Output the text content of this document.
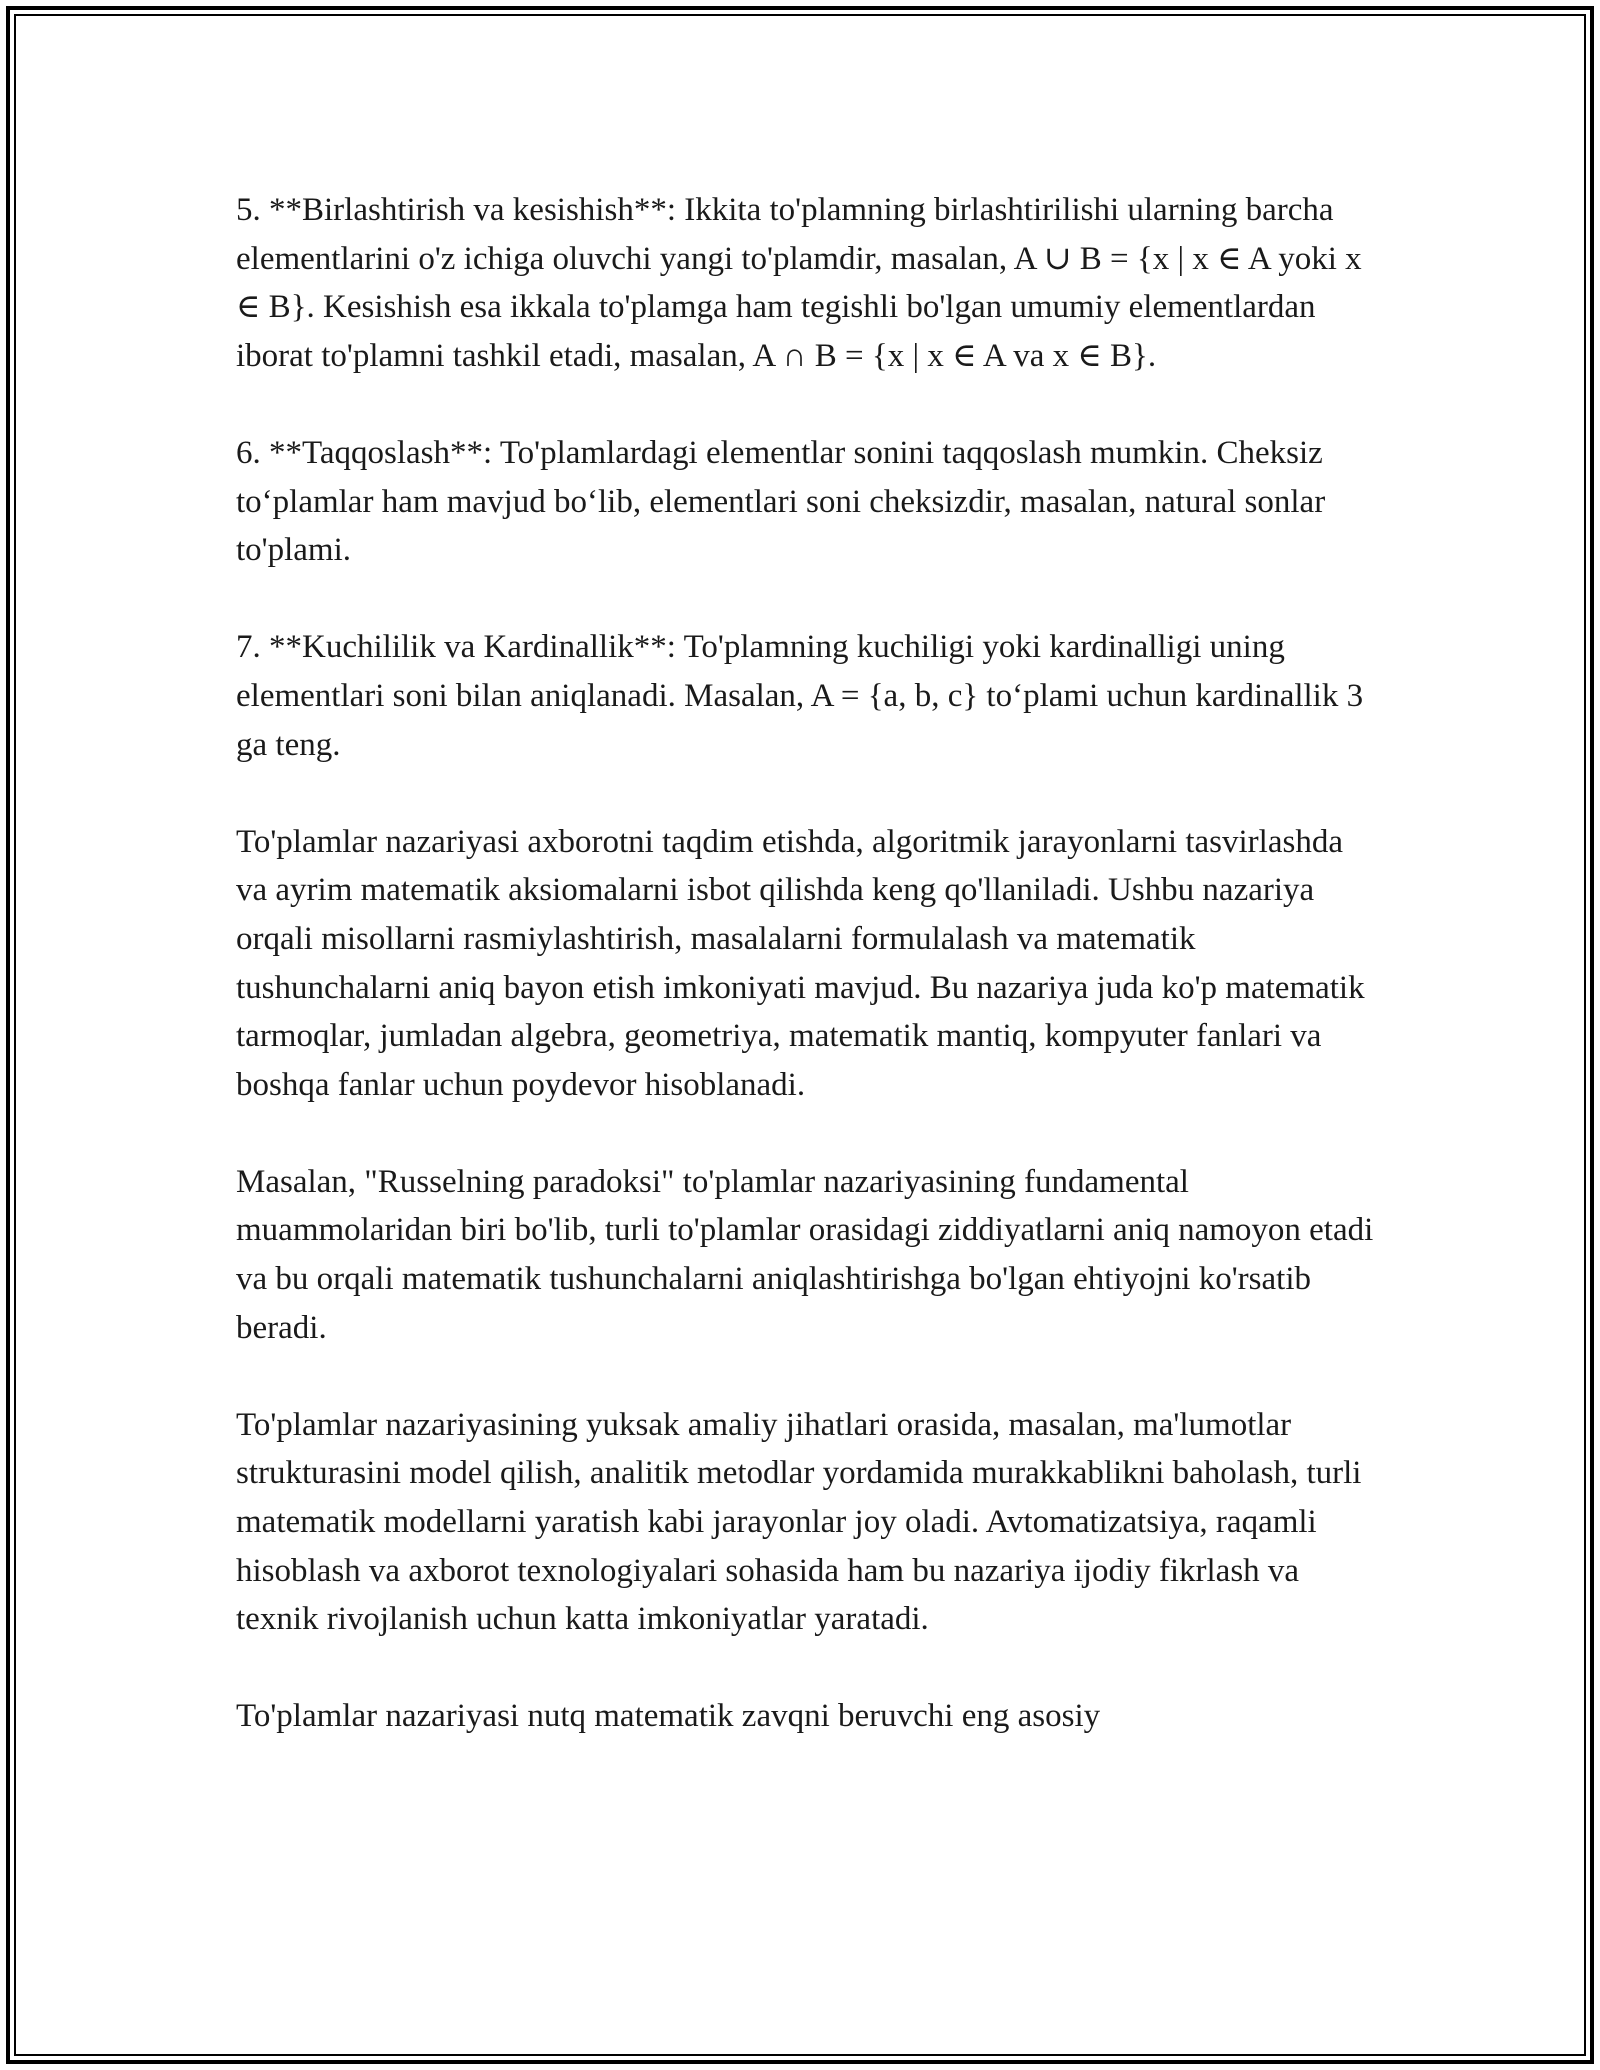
5. **Birlashtirish va kesishish**: Ikkita to'plamning birlashtirilishi ularning barcha elementlarini o'z ichiga oluvchi yangi to'plamdir, masalan, A ∪ B = {x | x ∈ A yoki x ∈ B}. Kesishish esa ikkala to'plamga ham tegishli bo'lgan umumiy elementlardan iborat to'plamni tashkil etadi, masalan, A ∩ B = {x | x ∈ A va x ∈ B}.

6. **Taqqoslash**: To'plamlardagi elementlar sonini taqqoslash mumkin. Cheksiz to‘plamlar ham mavjud bo‘lib, elementlari soni cheksizdir, masalan, natural sonlar to'plami.

7. **Kuchililik va Kardinallik**: To'plamning kuchiligi yoki kardinalligi uning elementlari soni bilan aniqlanadi. Masalan, A = {a, b, c} to‘plami uchun kardinallik 3 ga teng.

To'plamlar nazariyasi axborotni taqdim etishda, algoritmik jarayonlarni tasvirlashda va ayrim matematik aksiomalarni isbot qilishda keng qo'llaniladi. Ushbu nazariya orqali misollarni rasmiylashtirish, masalalarni formulalash va matematik tushunchalarni aniq bayon etish imkoniyati mavjud. Bu nazariya juda ko'p matematik tarmoqlar, jumladan algebra, geometriya, matematik mantiq, kompyuter fanlari va boshqa fanlar uchun poydevor hisoblanadi.

Masalan, "Russelning paradoksi" to'plamlar nazariyasining fundamental muammolaridan biri bo'lib, turli to'plamlar orasidagi ziddiyatlarni aniq namoyon etadi va bu orqali matematik tushunchalarni aniqlashtirishga bo'lgan ehtiyojni ko'rsatib beradi.

To'plamlar nazariyasining yuksak amaliy jihatlari orasida, masalan, ma'lumotlar strukturasini model qilish, analitik metodlar yordamida murakkablikni baholash, turli matematik modellarni yaratish kabi jarayonlar joy oladi. Avtomatizatsiya, raqamli hisoblash va axborot texnologiyalari sohasida ham bu nazariya ijodiy fikrlash va texnik rivojlanish uchun katta imkoniyatlar yaratadi.

To'plamlar nazariyasi nutq matematik zavqni beruvchi eng asosiy
